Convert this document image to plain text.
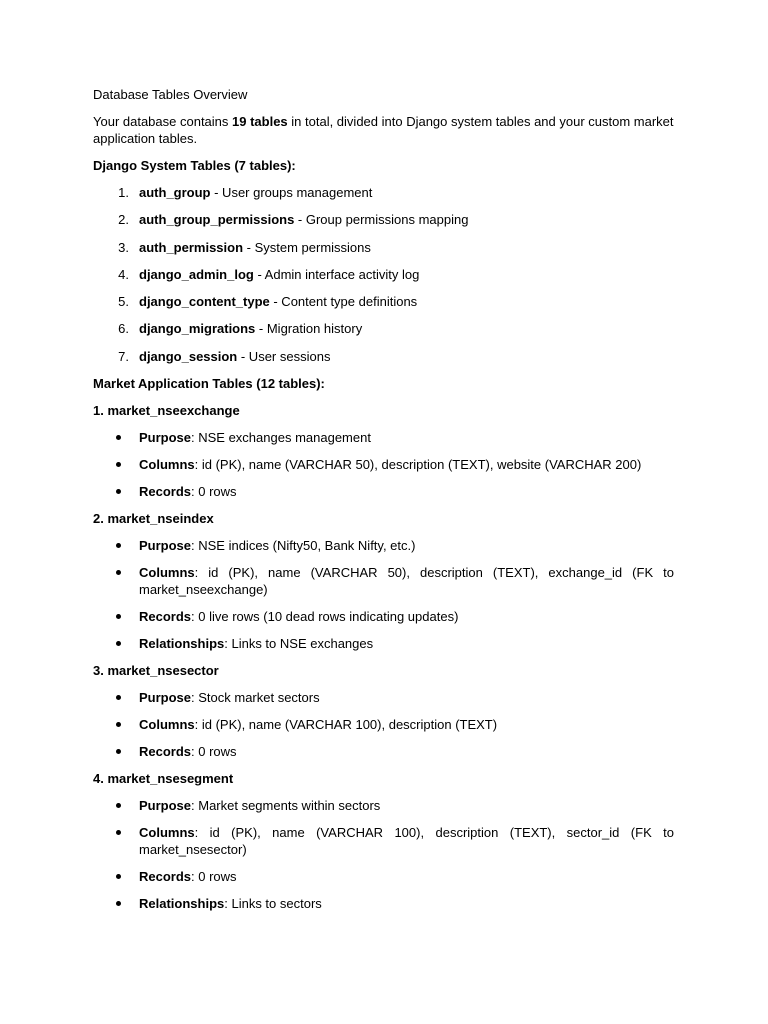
Database Tables Overview

Your database contains 19 tables in total, divided into Django system tables and your custom market application tables.

Django System Tables (7 tables):

1. auth_group - User groups management
2. auth_group_permissions - Group permissions mapping
3. auth_permission - System permissions
4. django_admin_log - Admin interface activity log
5. django_content_type - Content type definitions
6. django_migrations - Migration history
7. django_session - User sessions

Market Application Tables (12 tables):

1. market_nseexchange

Purpose: NSE exchanges management
Columns: id (PK), name (VARCHAR 50), description (TEXT), website (VARCHAR 200)
Records: 0 rows

2. market_nseindex

Purpose: NSE indices (Nifty50, Bank Nifty, etc.)
Columns: id (PK), name (VARCHAR 50), description (TEXT), exchange_id (FK to market_nseexchange)
Records: 0 live rows (10 dead rows indicating updates)
Relationships: Links to NSE exchanges

3. market_nsesector

Purpose: Stock market sectors
Columns: id (PK), name (VARCHAR 100), description (TEXT)
Records: 0 rows

4. market_nsesegment

Purpose: Market segments within sectors
Columns: id (PK), name (VARCHAR 100), description (TEXT), sector_id (FK to market_nsesector)
Records: 0 rows
Relationships: Links to sectors
